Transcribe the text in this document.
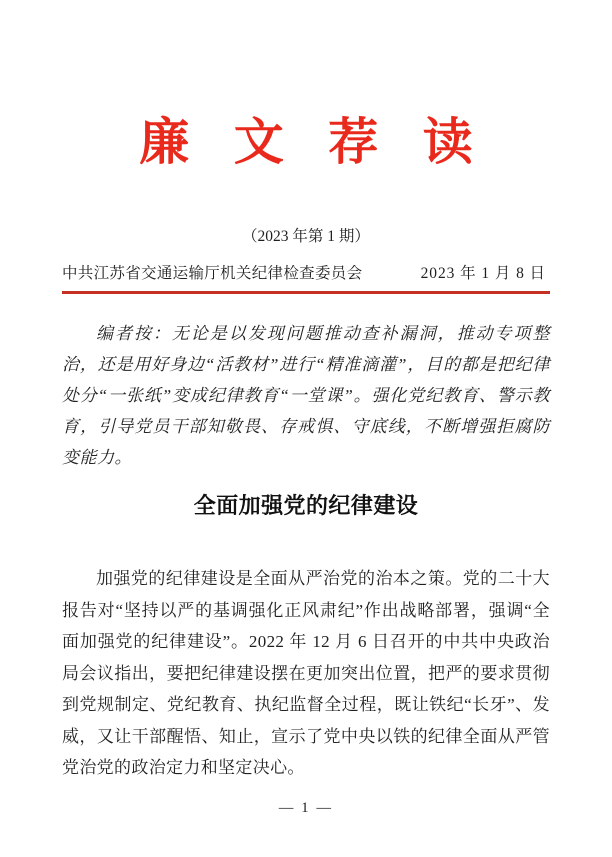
廉 文 荐 读
（2023 年第 1 期）
中共江苏省交通运输厅机关纪律检查委员会	2023 年 1 月 8 日

编者按：无论是以发现问题推动查补漏洞，推动专项整治，还是用好身边“活教材”进行“精准滴灌”，目的都是把纪律处分“一张纸”变成纪律教育“一堂课”。强化党纪教育、警示教育，引导党员干部知敬畏、存戒惧、守底线，不断增强拒腐防变能力。

全面加强党的纪律建设

加强党的纪律建设是全面从严治党的治本之策。党的二十大报告对“坚持以严的基调强化正风肃纪”作出战略部署，强调“全面加强党的纪律建设”。2022 年 12 月 6 日召开的中共中央政治局会议指出，要把纪律建设摆在更加突出位置，把严的要求贯彻到党规制定、党纪教育、执纪监督全过程，既让铁纪“长牙”、发威，又让干部醒悟、知止，宣示了党中央以铁的纪律全面从严管党治党的政治定力和坚定决心。

— 1 —
